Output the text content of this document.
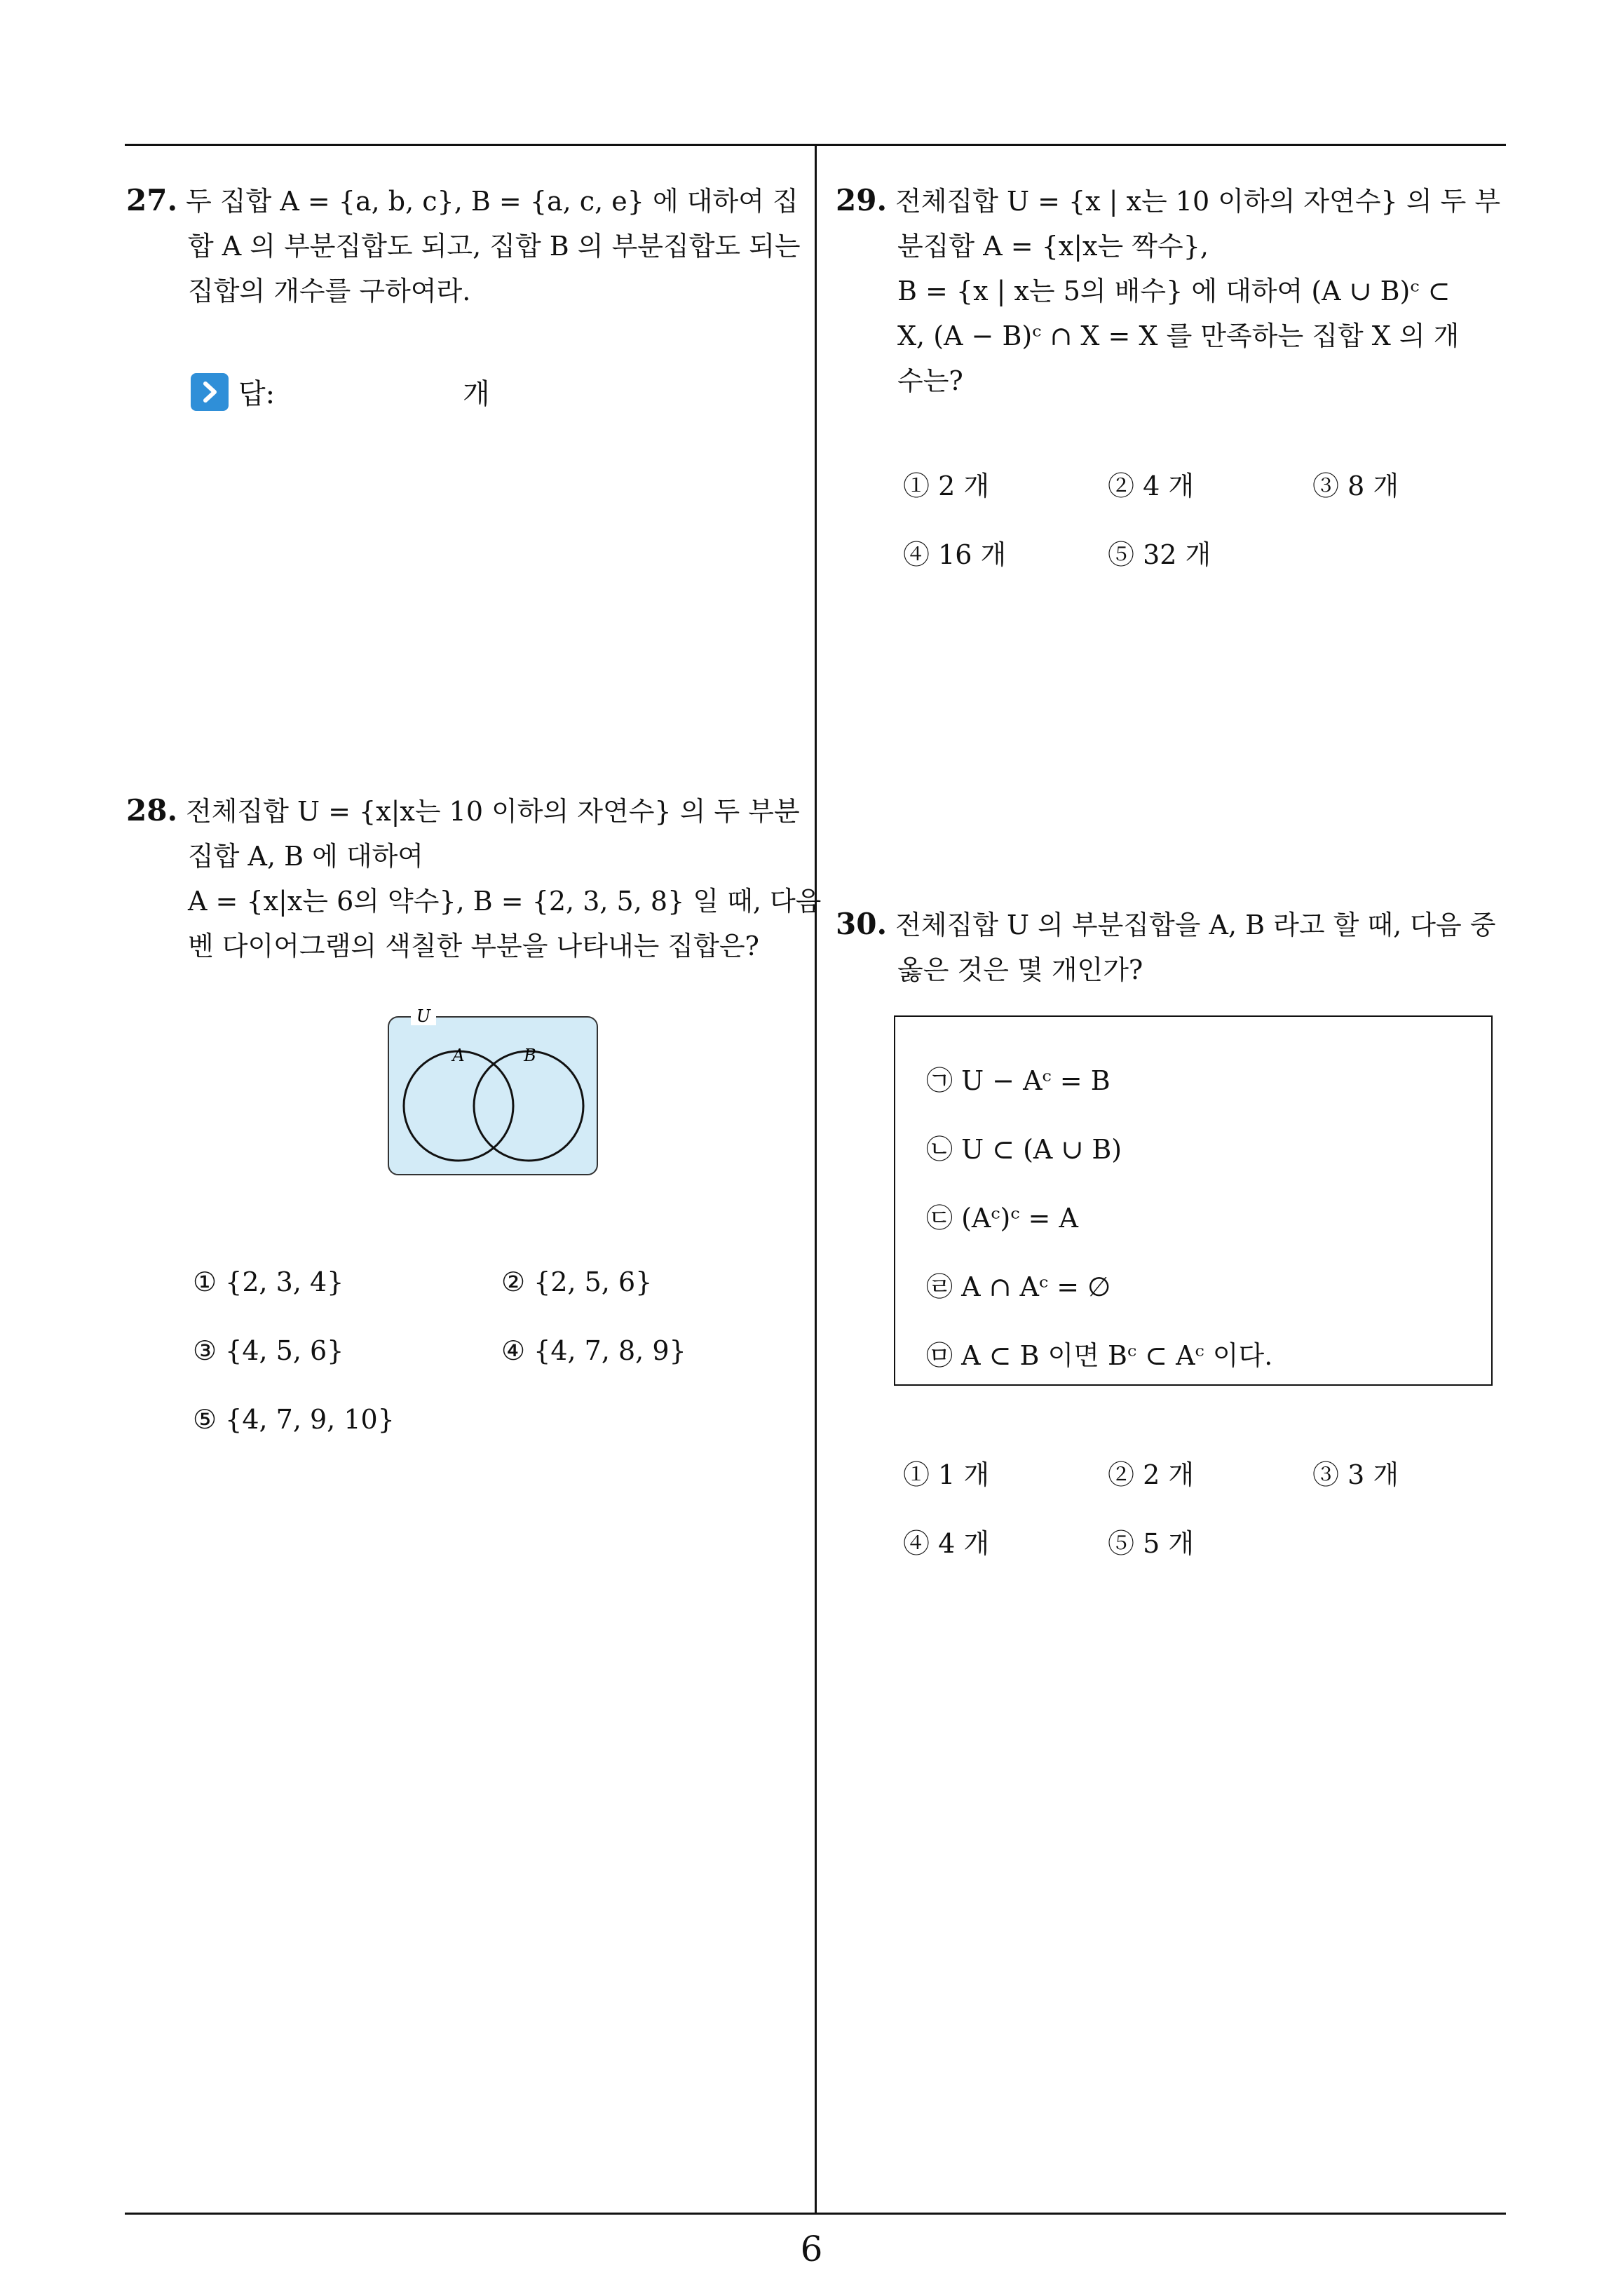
27. 두 집합 A = {a, b, c}, B = {a, c, e} 에 대하여 집
합 A 의 부분집합도 되고, 집합 B 의 부분집합도 되는
집합의 개수를 구하여라.
답:	개
28. 전체집합 U = {x|x는 10 이하의 자연수} 의 두 부분
집합 A, B 에 대하여
A = {x|x는 6의 약수}, B = {2, 3, 5, 8} 일 때, 다음
벤 다이어그램의 색칠한 부분을 나타내는 집합은?
U
A	B
① {2, 3, 4}	② {2, 5, 6}
③ {4, 5, 6}	④ {4, 7, 8, 9}
⑤ {4, 7, 9, 10}
29. 전체집합 U = {x | x는 10 이하의 자연수} 의 두 부
분집합 A = {x|x는 짝수},
B = {x | x는 5의 배수} 에 대하여 (A ∪ B)ᶜ ⊂
X, (A − B)ᶜ ∩ X = X 를 만족하는 집합 X 의 개
수는?
① 2 개	② 4 개	③ 8 개
④ 16 개	⑤ 32 개
30. 전체집합 U 의 부분집합을 A, B 라고 할 때, 다음 중
옳은 것은 몇 개인가?
㉠ U − Aᶜ = B
㉡ U ⊂ (A ∪ B)
㉢ (Aᶜ)ᶜ = A
㉣ A ∩ Aᶜ = ∅
㉤ A ⊂ B 이면 Bᶜ ⊂ Aᶜ 이다.
① 1 개	② 2 개	③ 3 개
④ 4 개	⑤ 5 개
6
